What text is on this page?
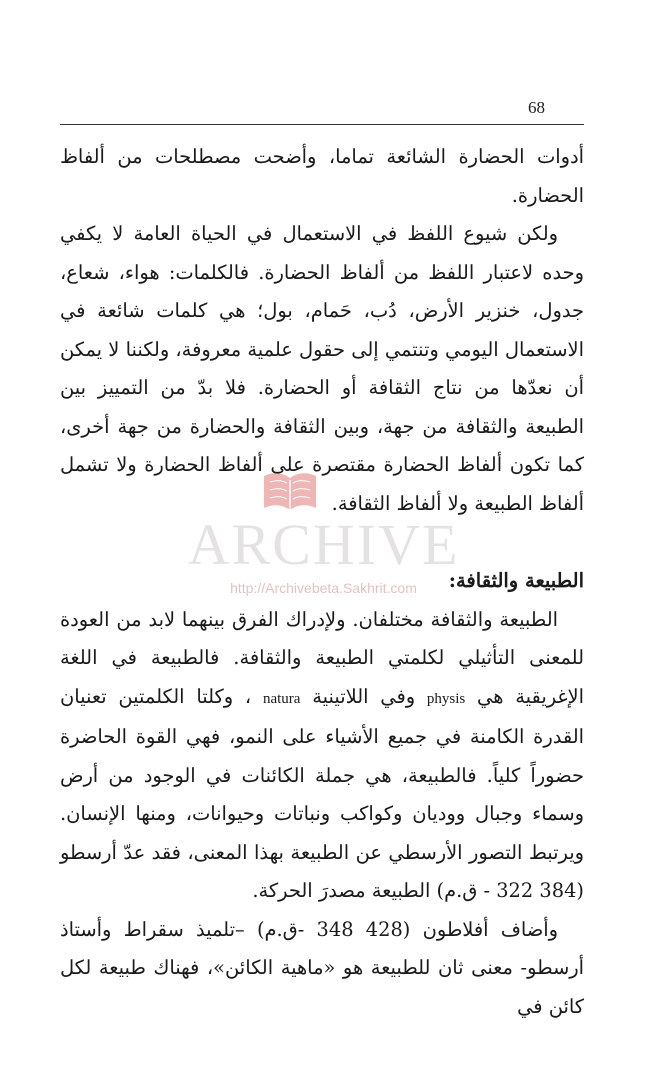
68

أدوات الحضارة الشائعة تماما، وأضحت مصطلحات من ألفاظ الحضارة.

ولكن شيوع اللفظ في الاستعمال في الحياة العامة لا يكفي وحده لاعتبار اللفظ من ألفاظ الحضارة. فالكلمات: هواء، شعاع، جدول، خنزير الأرض، دُب، حَمام، بول؛ هي كلمات شائعة في الاستعمال اليومي وتنتمي إلى حقول علمية معروفة، ولكننا لا يمكن أن نعدّها من نتاج الثقافة أو الحضارة. فلا بدّ من التمييز بين الطبيعة والثقافة من جهة، وبين الثقافة والحضارة من جهة أخرى، كما تكون ألفاظ الحضارة مقتصرة على ألفاظ الحضارة ولا تشمل ألفاظ الطبيعة ولا ألفاظ الثقافة.

الطبيعة والثقافة:

الطبيعة والثقافة مختلفان. ولإدراك الفرق بينهما لابد من العودة للمعنى التأثيلي لكلمتي الطبيعة والثقافة. فالطبيعة في اللغة الإغريقية هي physis وفي اللاتينية natura ، وكلتا الكلمتين تعنيان القدرة الكامنة في جميع الأشياء على النمو، فهي القوة الحاضرة حضوراً كلياً. فالطبيعة، هي جملة الكائنات في الوجود من أرض وسماء وجبال ووديان وكواكب ونباتات وحيوانات، ومنها الإنسان. ويرتبط التصور الأرسطي عن الطبيعة بهذا المعنى، فقد عدّ أرسطو (384 322 - ق.م) الطبيعة مصدرَ الحركة.

وأضاف أفلاطون (428 348 -ق.م) –تلميذ سقراط وأستاذ أرسطو- معنى ثان للطبيعة هو «ماهية الكائن»، فهناك طبيعة لكل كائن في

ARCHIVE
http://Archivebeta.Sakhrit.com
